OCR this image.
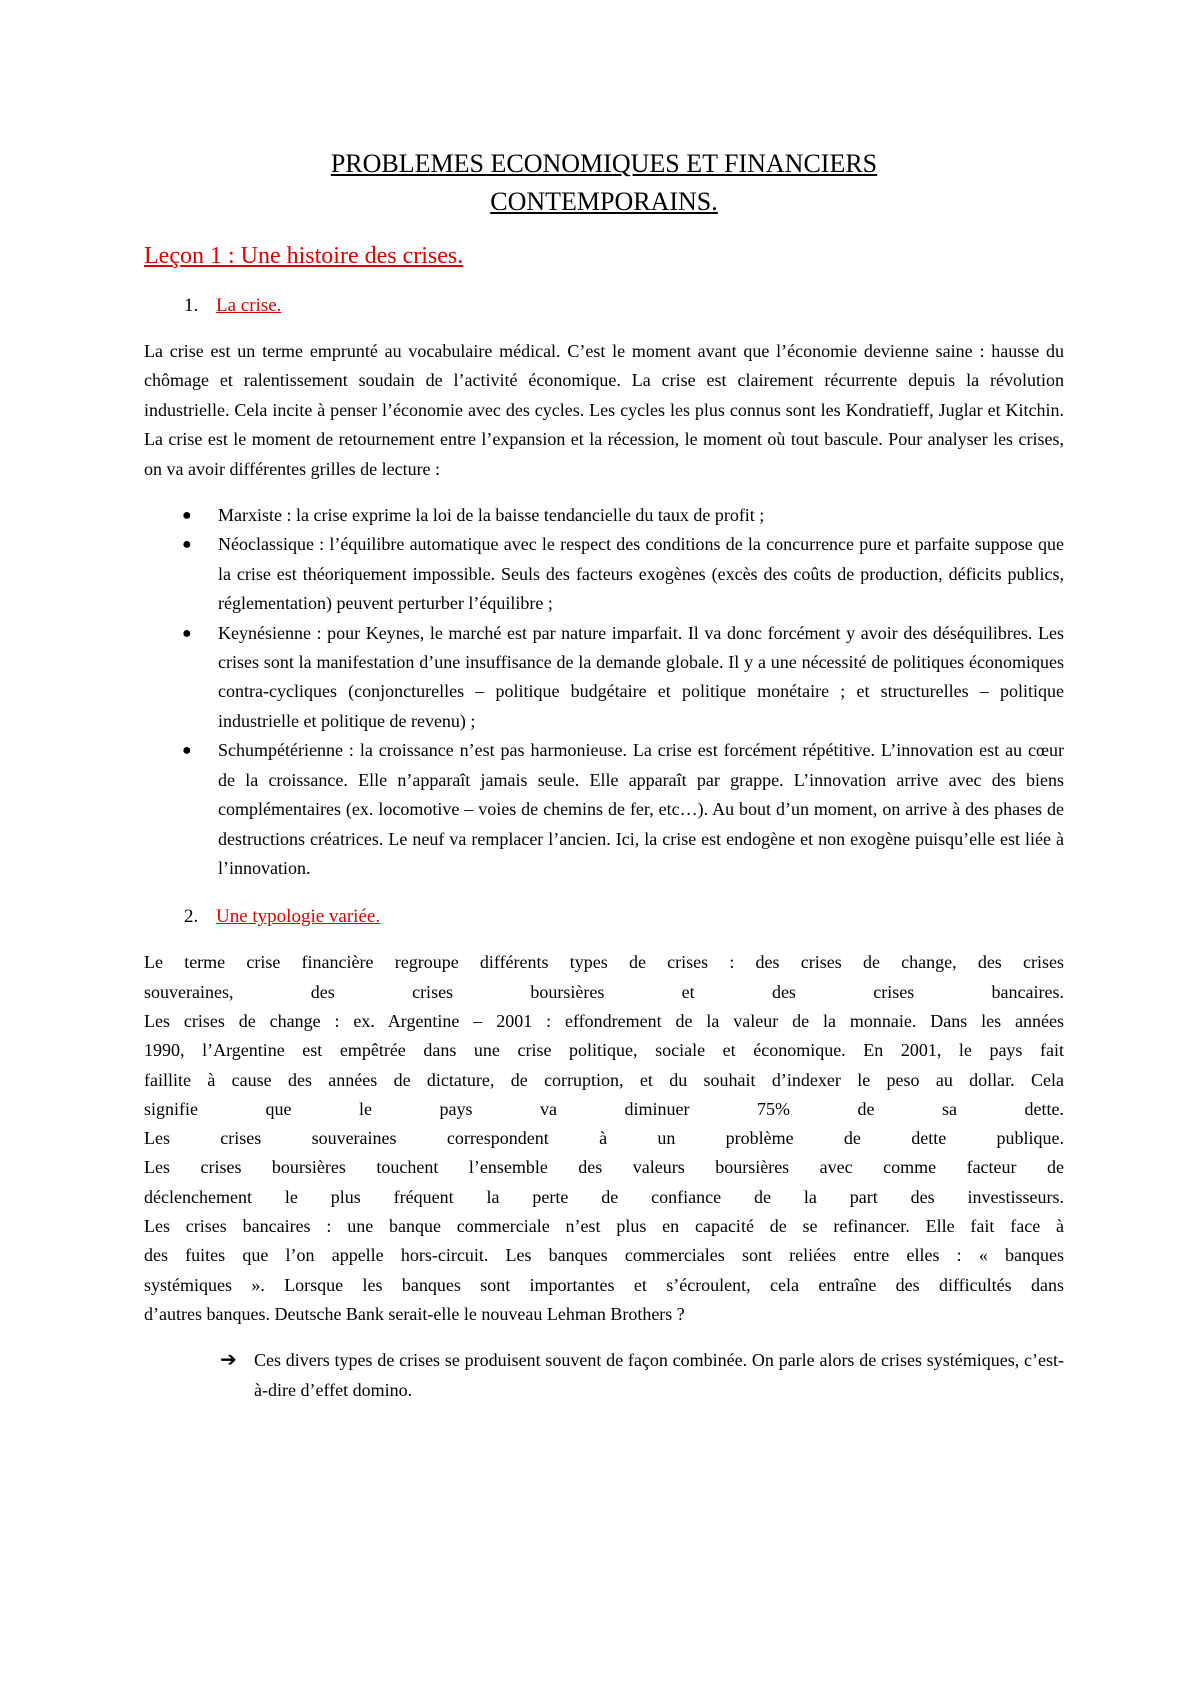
PROBLEMES ECONOMIQUES ET FINANCIERS
CONTEMPORAINS.
Leçon 1 : Une histoire des crises.
1. La crise.

La crise est un terme emprunté au vocabulaire médical. C’est le moment avant que l’économie devienne saine : hausse du chômage et ralentissement soudain de l’activité économique. La crise est clairement récurrente depuis la révolution industrielle. Cela incite à penser l’économie avec des cycles. Les cycles les plus connus sont les Kondratieff, Juglar et Kitchin. La crise est le moment de retournement entre l’expansion et la récession, le moment où tout bascule. Pour analyser les crises, on va avoir différentes grilles de lecture :

● Marxiste : la crise exprime la loi de la baisse tendancielle du taux de profit ;
● Néoclassique : l’équilibre automatique avec le respect des conditions de la concurrence pure et parfaite suppose que la crise est théoriquement impossible. Seuls des facteurs exogènes (excès des coûts de production, déficits publics, réglementation) peuvent perturber l’équilibre ;
● Keynésienne : pour Keynes, le marché est par nature imparfait. Il va donc forcément y avoir des déséquilibres. Les crises sont la manifestation d’une insuffisance de la demande globale. Il y a une nécessité de politiques économiques contra-cycliques (conjoncturelles – politique budgétaire et politique monétaire ; et structurelles – politique industrielle et politique de revenu) ;
● Schumpétérienne : la croissance n’est pas harmonieuse. La crise est forcément répétitive. L’innovation est au cœur de la croissance. Elle n’apparaît jamais seule. Elle apparaît par grappe. L’innovation arrive avec des biens complémentaires (ex. locomotive – voies de chemins de fer, etc…). Au bout d’un moment, on arrive à des phases de destructions créatrices. Le neuf va remplacer l’ancien. Ici, la crise est endogène et non exogène puisqu’elle est liée à l’innovation.
2. Une typologie variée.
Le terme crise financière regroupe différents types de crises : des crises de change, des crises
souveraines, des crises boursières et des crises bancaires.
Les crises de change : ex. Argentine – 2001 : effondrement de la valeur de la monnaie. Dans les années
1990, l’Argentine est empêtrée dans une crise politique, sociale et économique. En 2001, le pays fait
faillite à cause des années de dictature, de corruption, et du souhait d’indexer le peso au dollar. Cela
signifie que le pays va diminuer 75% de sa dette.
Les crises souveraines correspondent à un problème de dette publique.
Les crises boursières touchent l’ensemble des valeurs boursières avec comme facteur de
déclenchement le plus fréquent la perte de confiance de la part des investisseurs.
Les crises bancaires : une banque commerciale n’est plus en capacité de se refinancer. Elle fait face à
des fuites que l’on appelle hors-circuit. Les banques commerciales sont reliées entre elles : « banques
systémiques ». Lorsque les banques sont importantes et s’écroulent, cela entraîne des difficultés dans
d’autres banques. Deutsche Bank serait-elle le nouveau Lehman Brothers ?
➔ Ces divers types de crises se produisent souvent de façon combinée. On parle alors de crises systémiques, c’est-à-dire d’effet domino.
